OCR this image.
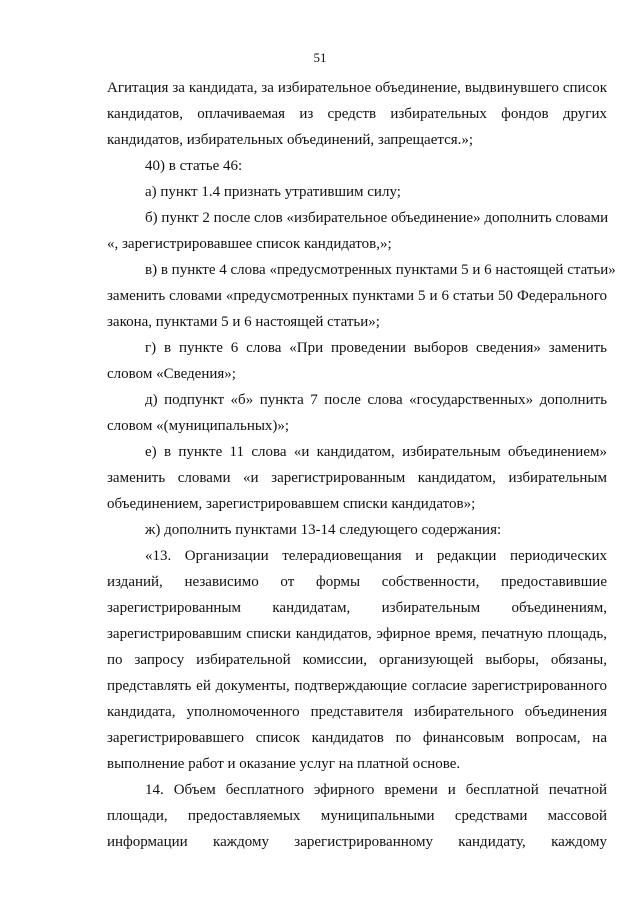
51
Агитация за кандидата, за избирательное объединение, выдвинувшего список
кандидатов, оплачиваемая из средств избирательных фондов других
кандидатов, избирательных объединений, запрещается.»;
40) в статье 46:
а) пункт 1.4 признать утратившим силу;
б) пункт 2 после слов «избирательное объединение» дополнить словами
«, зарегистрировавшее список кандидатов,»;
в) в пункте 4 слова «предусмотренных пунктами 5 и 6 настоящей статьи»
заменить словами «предусмотренных пунктами 5 и 6 статьи 50 Федерального
закона, пунктами 5 и 6 настоящей статьи»;
г) в пункте 6 слова «При проведении выборов сведения» заменить
словом «Сведения»;
д) подпункт «б» пункта 7 после слова «государственных» дополнить
словом «(муниципальных)»;
е) в пункте 11 слова «и кандидатом, избирательным объединением»
заменить словами «и зарегистрированным кандидатом, избирательным
объединением, зарегистрировавшем списки кандидатов»;
ж) дополнить пунктами 13-14 следующего содержания:
«13. Организации телерадиовещания и редакции периодических
изданий, независимо от формы собственности, предоставившие
зарегистрированным кандидатам, избирательным объединениям,
зарегистрировавшим списки кандидатов, эфирное время, печатную площадь,
по запросу избирательной комиссии, организующей выборы, обязаны,
представлять ей документы, подтверждающие согласие зарегистрированного
кандидата, уполномоченного представителя избирательного объединения
зарегистрировавшего список кандидатов по финансовым вопросам, на
выполнение работ и оказание услуг на платной основе.
14. Объем бесплатного эфирного времени и бесплатной печатной
площади, предоставляемых муниципальными средствами массовой
информации каждому зарегистрированному кандидату, каждому
